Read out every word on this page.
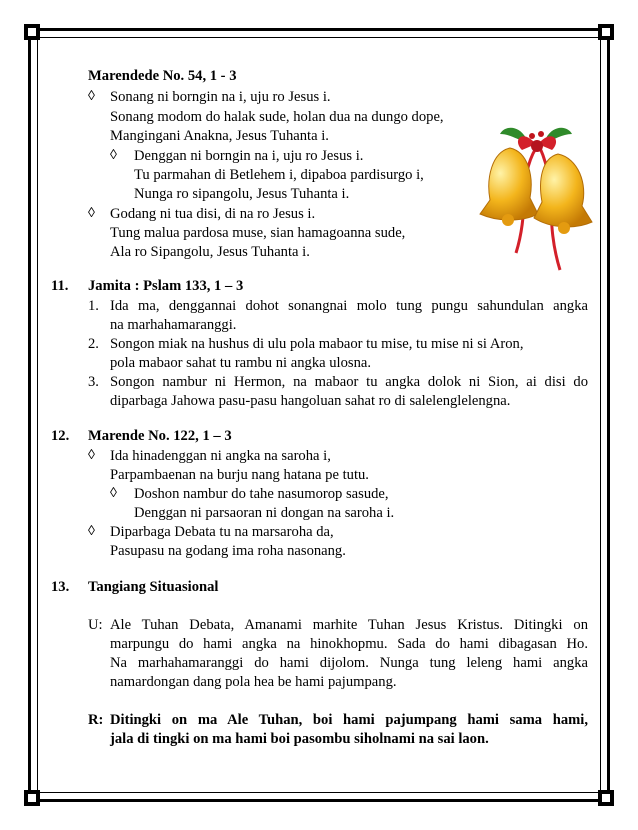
Marendede No. 54, 1 - 3
◊ Sonang ni borngin na i, uju ro Jesus i.
Sonang modom do halak sude, holan dua na dungo dope,
Mangingani Anakna, Jesus Tuhanta i.
◊ Denggan ni borngin na i, uju ro Jesus i.
Tu parmahan di Betlehem i, dipaboa pardisurgo i,
Nunga ro sipangolu, Jesus Tuhanta i.
◊ Godang ni tua disi, di na ro Jesus i.
Tung malua pardosa muse, sian hamagoanna sude,
Ala ro Sipangolu, Jesus Tuhanta i.
11. Jamita : Pslam 133, 1 – 3
1. Ida ma, denggannai dohot sonangnai molo tung pungu sahundulan angka
na marhahamaranggi.
2. Songon miak na hushus di ulu pola mabaor tu mise, tu mise ni si Aron,
pola mabaor sahat tu rambu ni angka ulosna.
3. Songon nambur ni Hermon, na mabaor tu angka dolok ni Sion, ai disi do
diparbaga Jahowa pasu-pasu hangoluan sahat ro di salelenglelengna.
12. Marende No. 122, 1 – 3
◊ Ida hinadenggan ni angka na saroha i,
Parpambaenan na burju nang hatana pe tutu.
◊ Doshon nambur do tahe nasumorop sasude,
Denggan ni parsaoran ni dongan na saroha i.
◊ Diparbaga Debata tu na marsaroha da,
Pasupasu na godang ima roha nasonang.
13. Tangiang Situasional
U: Ale Tuhan Debata, Amanami marhite Tuhan Jesus Kristus. Ditingki on
marpungu do hami angka na hinokhopmu. Sada do hami dibagasan Ho.
Na marhahamaranggi do hami dijolom. Nunga tung leleng hami angka
namardongan dang pola hea be hami pajumpang.
R: Ditingki on ma Ale Tuhan, boi hami pajumpang hami sama hami,
jala di tingki on ma hami boi pasombu siholnami na sai laon.
